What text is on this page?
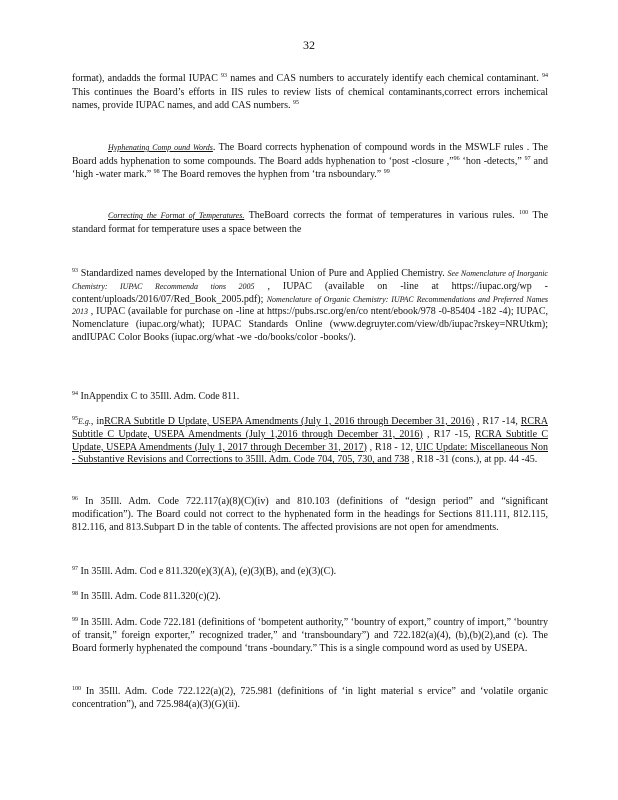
32
format), andadds the formal IUPAC $^{93}$ names and CAS numbers to accurately identify each chemical contaminant. $^{94}$ This continues the Board’s efforts in IIS rules to review lists of chemical contaminants,correct errors inchemical names, provide IUPAC names, and add CAS numbers. $^{95}$
Hyphenating Comp ound Words. The Board corrects hyphenation of compound words in the MSWLF rules . The Board adds hyphenation to some compounds. The Board adds hyphenation to ‘post -closure ,”$^{96}$ ‘hon -detects,” $^{97}$ and ‘high -water mark.” $^{98}$ The Board removes the hyphen from ‘tra nsboundary.” $^{99}$
Correcting the Format of Temperatures. TheBoard corrects the format of temperatures in various rules. $^{100}$ The standard format for temperature uses a space between the
$^{93}$ Standardized names developed by the International Union of Pure and Applied Chemistry. See Nomenclature of Inorganic Chemistry: IUPAC Recommenda tions 2005 , IUPAC (available on -line at https://iupac.org/wp -content/uploads/2016/07/Red_Book_2005.pdf); Nomenclature of Organic Chemistry: IUPAC Recommendations and Preferred Names 2013 , IUPAC (available for purchase on -line at https://pubs.rsc.org/en/co ntent/ebook/978 -0-85404 -182 -4); IUPAC, Nomenclature (iupac.org/what); IUPAC Standards Online (www.degruyter.com/view/db/iupac?rskey=NRUtkm); andIUPAC Color Books (iupac.org/what -we -do/books/color -books/).
$^{94}$ InAppendix C to 35Ill. Adm. Code 811.
$^{95}$E.g., inRCRA Subtitle D Update, USEPA Amendments (July 1, 2016 through December 31, 2016) , R17 -14, RCRA Subtitle C Update, USEPA Amendments (July 1,2016 through December 31, 2016) , R17 -15, RCRA Subtitle C Update, USEPA Amendments (July 1, 2017 through December 31, 2017) , R18 - 12, UIC Update: Miscellaneous Non - Substantive Revisions and Corrections to 35Ill. Adm. Code 704, 705, 730, and 738 , R18 -31 (cons.), at pp. 44 -45.
$^{96}$ In 35Ill. Adm. Code 722.117(a)(8)(C)(iv) and 810.103 (definitions of “design period” and “significant modification”). The Board could not correct to the hyphenated form in the headings for Sections 811.111, 812.115, 812.116, and 813.Subpart D in the table of contents. The affected provisions are not open for amendments.
$^{97}$ In 35Ill. Adm. Cod e 811.320(e)(3)(A), (e)(3)(B), and (e)(3)(C).
$^{98}$ In 35Ill. Adm. Code 811.320(c)(2).
$^{99}$ In 35Ill. Adm. Code 722.181 (definitions of ‘bompetent authority,” ‘bountry of export,” country of import,” ‘bountry of transit,” foreign exporter,” recognized trader,” and ‘transboundary”) and 722.182(a)(4), (b),(b)(2),and (c). The Board formerly hyphenated the compound ‘trans -boundary.” This is a single compound word as used by USEPA.
$^{100}$ In 35Ill. Adm. Code 722.122(a)(2), 725.981 (definitions of ‘in light material s ervice” and ‘volatile organic concentration”), and 725.984(a)(3)(G)(ii).
